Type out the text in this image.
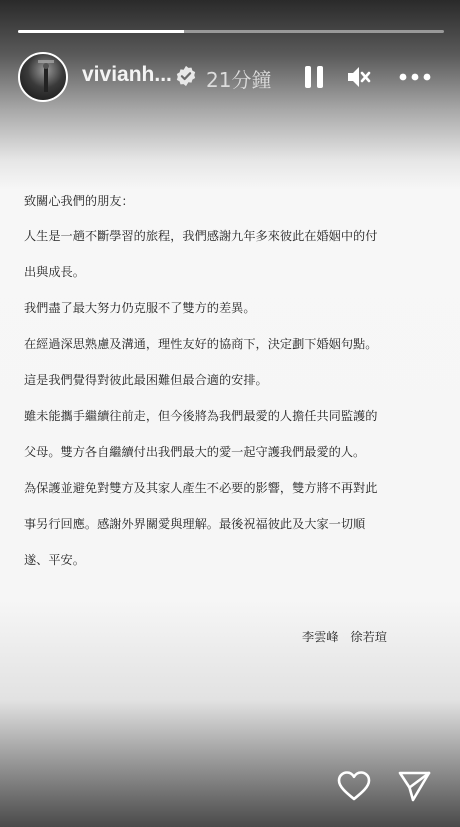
vivianh... 21分鐘

致關心我們的朋友：

人生是一趟不斷學習的旅程，我們感謝九年多來彼此在婚姻中的付

出與成長。

我們盡了最大努力仍克服不了雙方的差異。

在經過深思熟慮及溝通，理性友好的協商下，決定劃下婚姻句點。

這是我們覺得對彼此最困難但最合適的安排。

雖未能攜手繼續往前走，但今後將為我們最愛的人擔任共同監護的

父母。雙方各自繼續付出我們最大的愛一起守護我們最愛的人。

為保護並避免對雙方及其家人產生不必要的影響，雙方將不再對此

事另行回應。感謝外界關愛與理解。最後祝福彼此及大家一切順

遂、平安。

李雲峰 徐若瑄
